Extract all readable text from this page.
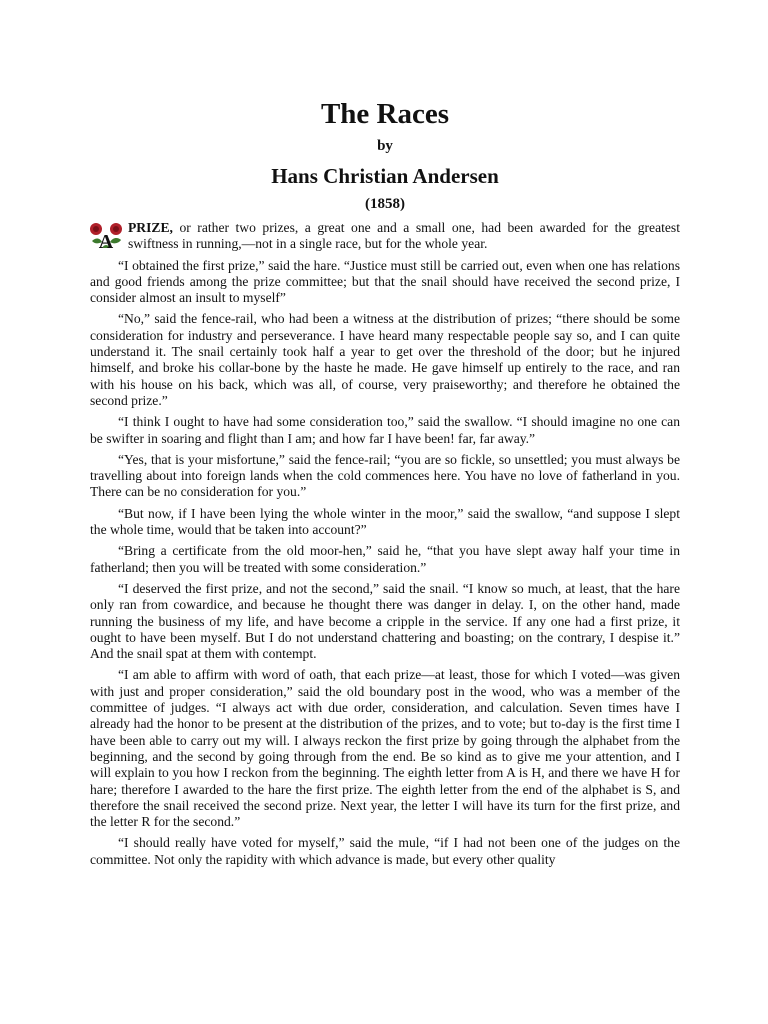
The Races
by
Hans Christian Andersen
(1858)

A
PRIZE, or rather two prizes, a great one and a small one, had been awarded for the greatest swiftness in running,—not in a single race, but for the whole year.

“I obtained the first prize,” said the hare. “Justice must still be carried out, even when one has relations and good friends among the prize committee; but that the snail should have received the second prize, I consider almost an insult to myself”

“No,” said the fence-rail, who had been a witness at the distribution of prizes; “there should be some consideration for industry and perseverance. I have heard many respectable people say so, and I can quite understand it. The snail certainly took half a year to get over the threshold of the door; but he injured himself, and broke his collar-bone by the haste he made. He gave himself up entirely to the race, and ran with his house on his back, which was all, of course, very praiseworthy; and therefore he obtained the second prize.”

“I think I ought to have had some consideration too,” said the swallow. “I should imagine no one can be swifter in soaring and flight than I am; and how far I have been! far, far away.”

“Yes, that is your misfortune,” said the fence-rail; “you are so fickle, so unsettled; you must always be travelling about into foreign lands when the cold commences here. You have no love of fatherland in you. There can be no consideration for you.”

“But now, if I have been lying the whole winter in the moor,” said the swallow, “and suppose I slept the whole time, would that be taken into account?”

“Bring a certificate from the old moor-hen,” said he, “that you have slept away half your time in fatherland; then you will be treated with some consideration.”

“I deserved the first prize, and not the second,” said the snail. “I know so much, at least, that the hare only ran from cowardice, and because he thought there was danger in delay. I, on the other hand, made running the business of my life, and have become a cripple in the service. If any one had a first prize, it ought to have been myself. But I do not understand chattering and boasting; on the contrary, I despise it.” And the snail spat at them with contempt.

“I am able to affirm with word of oath, that each prize—at least, those for which I voted—was given with just and proper consideration,” said the old boundary post in the wood, who was a member of the committee of judges. “I always act with due order, consideration, and calculation. Seven times have I already had the honor to be present at the distribution of the prizes, and to vote; but to-day is the first time I have been able to carry out my will. I always reckon the first prize by going through the alphabet from the beginning, and the second by going through from the end. Be so kind as to give me your attention, and I will explain to you how I reckon from the beginning. The eighth letter from A is H, and there we have H for hare; therefore I awarded to the hare the first prize. The eighth letter from the end of the alphabet is S, and therefore the snail received the second prize. Next year, the letter I will have its turn for the first prize, and the letter R for the second.”

“I should really have voted for myself,” said the mule, “if I had not been one of the judges on the committee. Not only the rapidity with which advance is made, but every other quality
